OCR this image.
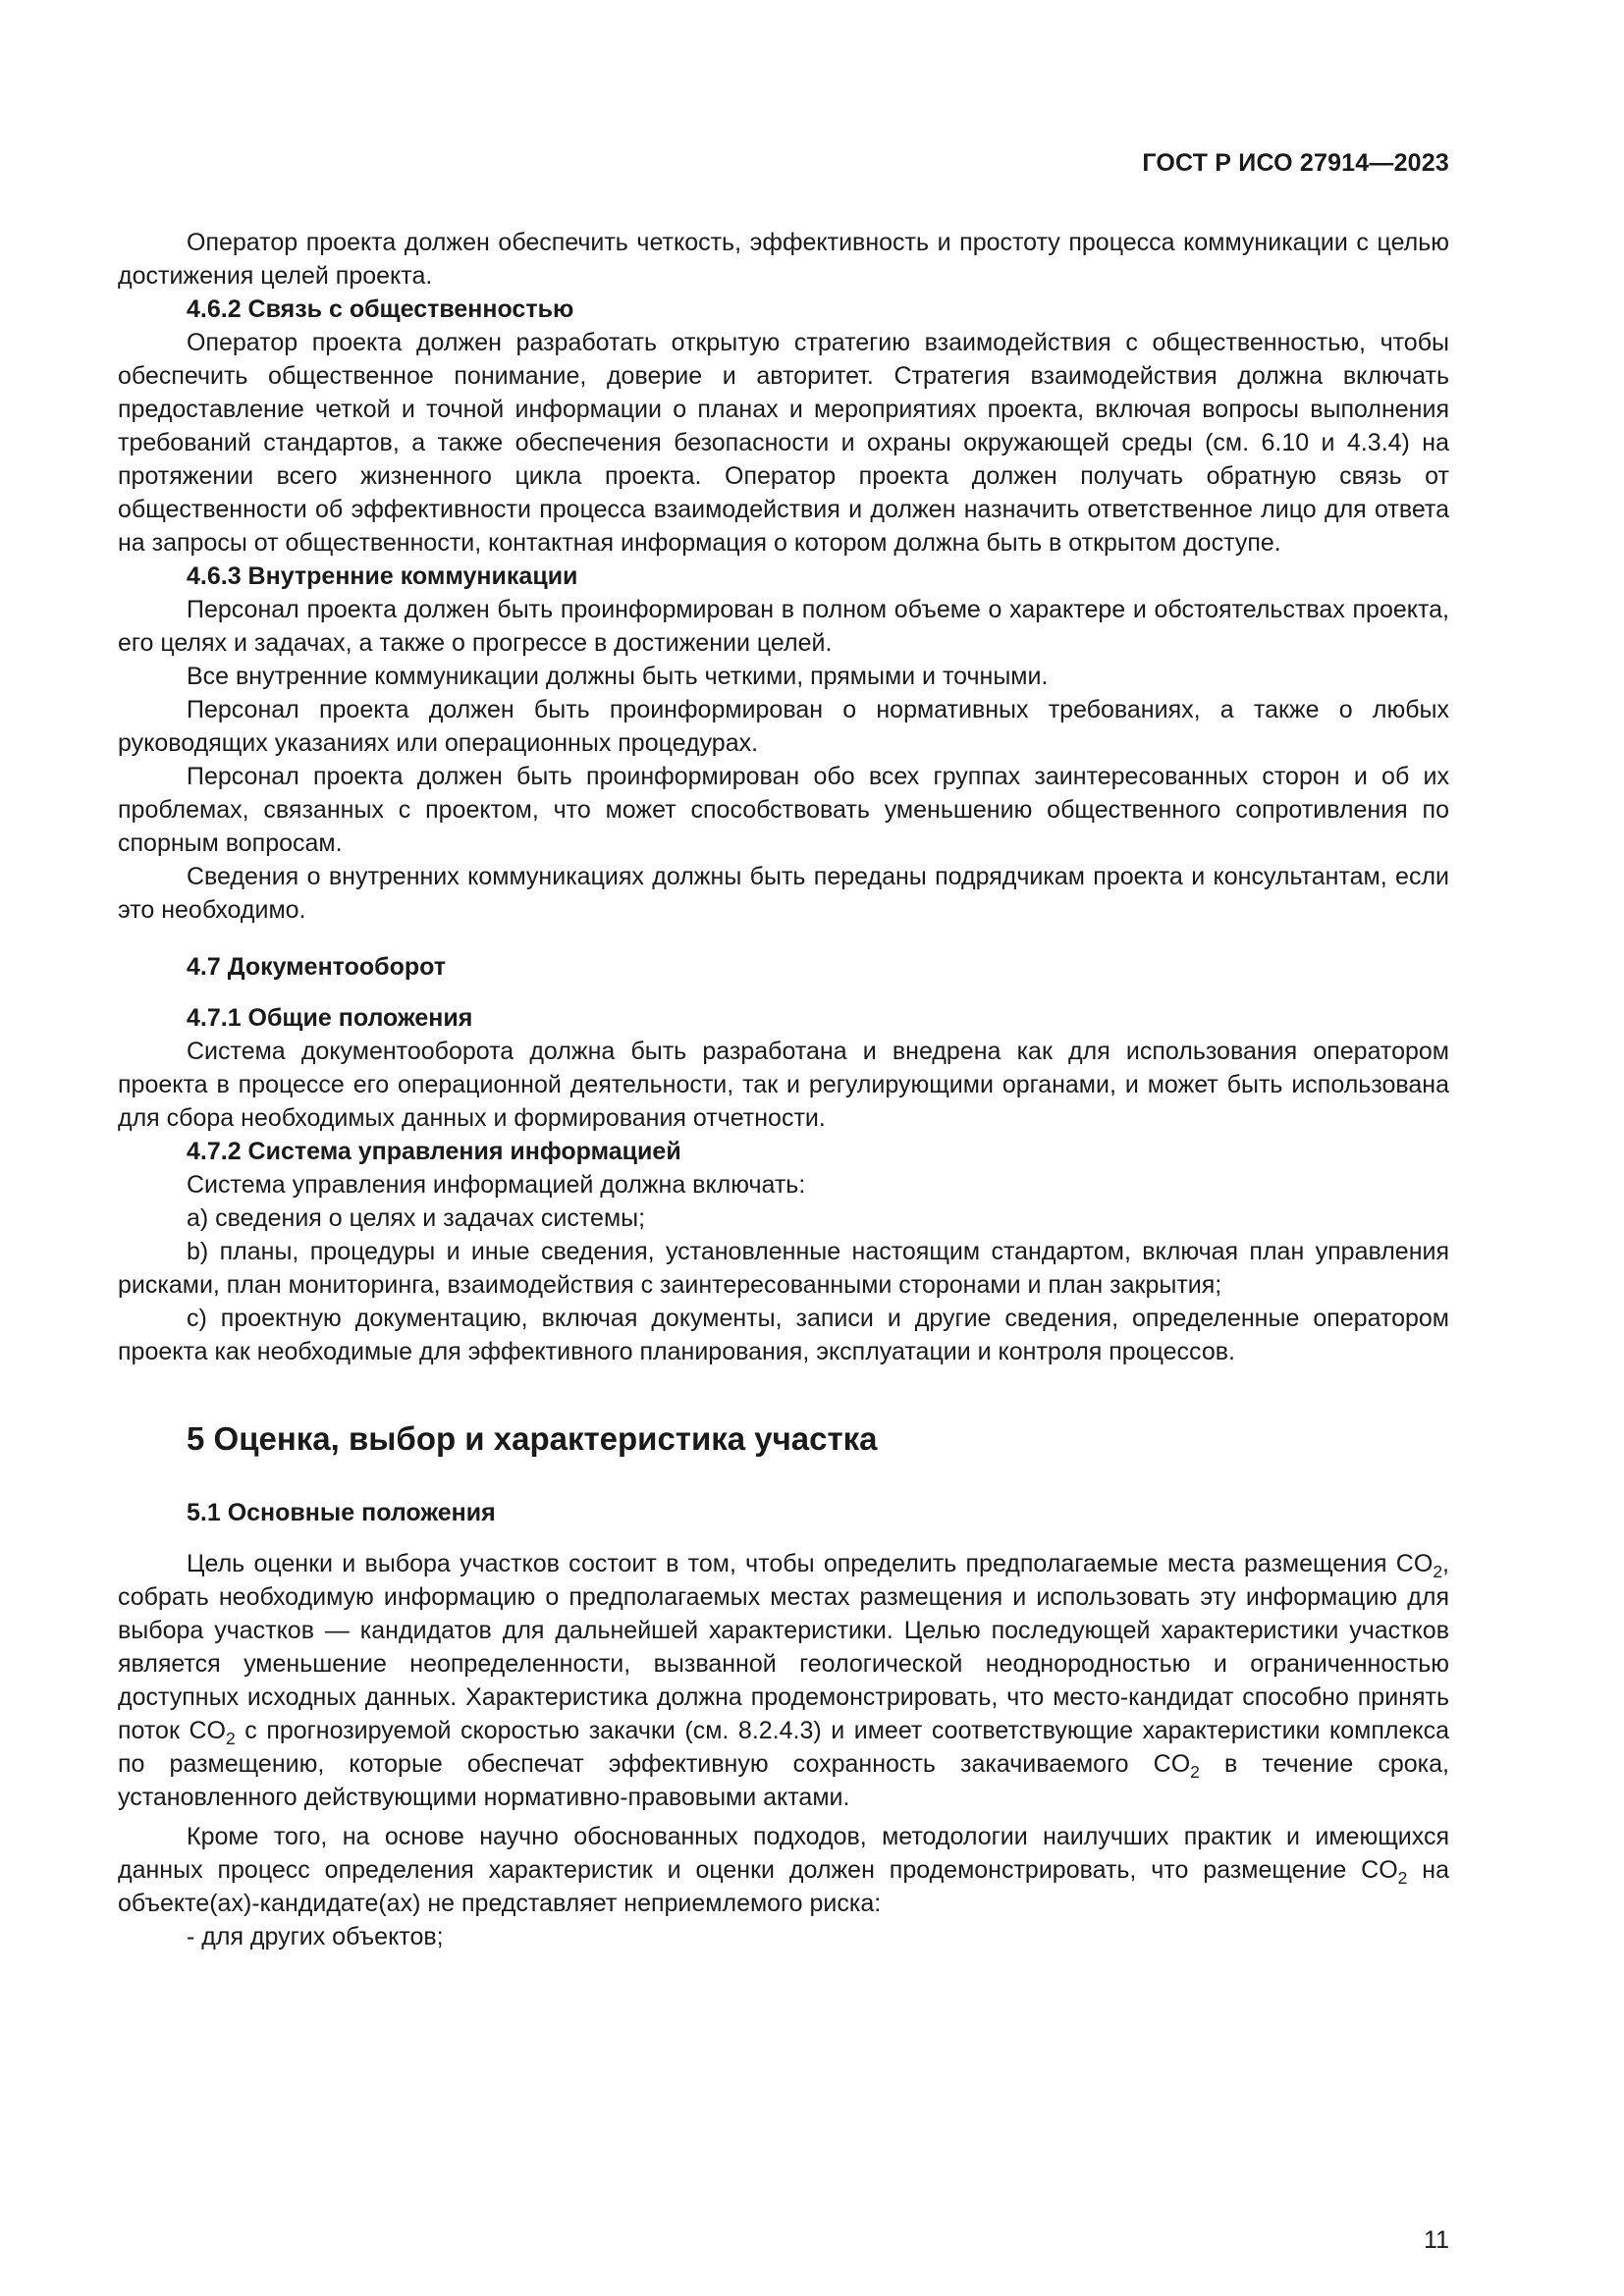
ГОСТ Р ИСО 27914—2023

Оператор проекта должен обеспечить четкость, эффективность и простоту процесса коммуникации с целью достижения целей проекта.

4.6.2 Связь с общественностью

Оператор проекта должен разработать открытую стратегию взаимодействия с общественностью, чтобы обеспечить общественное понимание, доверие и авторитет. Стратегия взаимодействия должна включать предоставление четкой и точной информации о планах и мероприятиях проекта, включая вопросы выполнения требований стандартов, а также обеспечения безопасности и охраны окружающей среды (см. 6.10 и 4.3.4) на протяжении всего жизненного цикла проекта. Оператор проекта должен получать обратную связь от общественности об эффективности процесса взаимодействия и должен назначить ответственное лицо для ответа на запросы от общественности, контактная информация о котором должна быть в открытом доступе.

4.6.3 Внутренние коммуникации

Персонал проекта должен быть проинформирован в полном объеме о характере и обстоятельствах проекта, его целях и задачах, а также о прогрессе в достижении целей.

Все внутренние коммуникации должны быть четкими, прямыми и точными.

Персонал проекта должен быть проинформирован о нормативных требованиях, а также о любых руководящих указаниях или операционных процедурах.

Персонал проекта должен быть проинформирован обо всех группах заинтересованных сторон и об их проблемах, связанных с проектом, что может способствовать уменьшению общественного сопротивления по спорным вопросам.

Сведения о внутренних коммуникациях должны быть переданы подрядчикам проекта и консультантам, если это необходимо.

4.7 Документооборот

4.7.1 Общие положения

Система документооборота должна быть разработана и внедрена как для использования оператором проекта в процессе его операционной деятельности, так и регулирующими органами, и может быть использована для сбора необходимых данных и формирования отчетности.

4.7.2 Система управления информацией

Система управления информацией должна включать:

а) сведения о целях и задачах системы;

b) планы, процедуры и иные сведения, установленные настоящим стандартом, включая план управления рисками, план мониторинга, взаимодействия с заинтересованными сторонами и план закрытия;

c) проектную документацию, включая документы, записи и другие сведения, определенные оператором проекта как необходимые для эффективного планирования, эксплуатации и контроля процессов.

5 Оценка, выбор и характеристика участка

5.1 Основные положения

Цель оценки и выбора участков состоит в том, чтобы определить предполагаемые места размещения $CO_2$, собрать необходимую информацию о предполагаемых местах размещения и использовать эту информацию для выбора участков — кандидатов для дальнейшей характеристики. Целью последующей характеристики участков является уменьшение неопределенности, вызванной геологической неоднородностью и ограниченностью доступных исходных данных. Характеристика должна продемонстрировать, что место-кандидат способно принять поток $CO_2$ с прогнозируемой скоростью закачки (см. 8.2.4.3) и имеет соответствующие характеристики комплекса по размещению, которые обеспечат эффективную сохранность закачиваемого $CO_2$ в течение срока, установленного действующими нормативно-правовыми актами.

Кроме того, на основе научно обоснованных подходов, методологии наилучших практик и имеющихся данных процесс определения характеристик и оценки должен продемонстрировать, что размещение $CO_2$ на объекте(ах)-кандидате(ах) не представляет неприемлемого риска:

- для других объектов;

11
